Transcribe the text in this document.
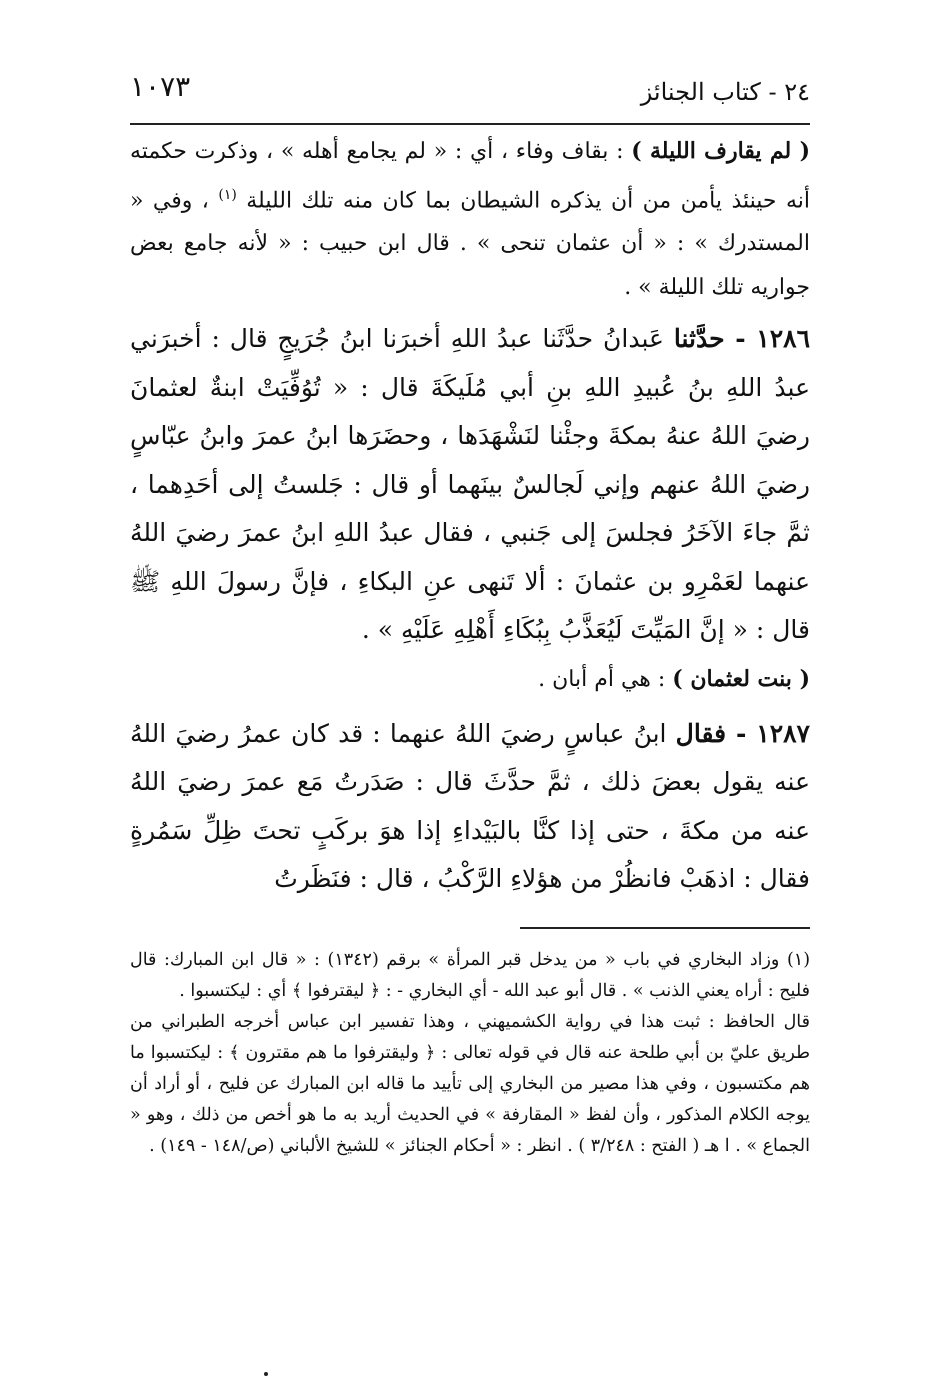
١٠٧٣	٢٤ - كتاب الجنائز

( لم يقارف الليلة ) : بقاف وفاء ، أي : « لم يجامع أهله » ، وذكرت حكمته أنه حينئذ يأمن من أن يذكره الشيطان بما كان منه تلك الليلة $^{(١)}$ ، وفي « المستدرك » : « أن عثمان تنحى » . قال ابن حبيب : « لأنه جامع بعض جواريه تلك الليلة » .

١٢٨٦ - حدَّثنا عَبدانُ حدَّثَنا عبدُ اللهِ أخبرَنا ابنُ جُرَيجٍ قال : أخبرَني عبدُ اللهِ بنُ عُبيدِ اللهِ بنِ أبي مُلَيكَةَ قال : « تُوُفِّيَتْ ابنةٌ لعثمانَ رضيَ اللهُ عنهُ بمكةَ وجئْنا لنَشْهَدَها ، وحضَرَها ابنُ عمرَ وابنُ عبّاسٍ رضيَ اللهُ عنهم وإني لَجالسٌ بينَهما أو قال : جَلستُ إلى أحَدِهما ، ثمَّ جاءَ الآخَرُ فجلسَ إلى جَنبي ، فقال عبدُ اللهِ ابنُ عمرَ رضيَ اللهُ عنهما لعَمْرِو بن عثمانَ : ألا تَنهى عنِ البكاءِ ، فإنَّ رسولَ اللهِ ﷺ قال : « إنَّ المَيِّتَ لَيُعَذَّبُ بِبُكَاءِ أَهْلِهِ عَلَيْهِ » .

( بنت لعثمان ) : هي أم أبان .

١٢٨٧ - فقال ابنُ عباسٍ رضيَ اللهُ عنهما : قد كان عمرُ رضيَ اللهُ عنه يقول بعضَ ذلك ، ثمَّ حدَّثَ قال : صَدَرتُ مَع عمرَ رضيَ اللهُ عنه من مكةَ ، حتى إذا كنَّا بالبَيْداءِ إذا هوَ بركَبٍ تحتَ ظِلِّ سَمُرةٍ فقال : اذهَبْ فانظُرْ من هؤلاءِ الرَّكْبُ ، قال : فنَظَرتُ

(١) وزاد البخاري في باب « من يدخل قبر المرأة » برقم (١٣٤٢) : « قال ابن المبارك: قال فليح : أراه يعني الذنب » . قال أبو عبد الله - أي البخاري - : ﴿ ليقترفوا ﴾ أي : ليكتسبوا .

قال الحافظ : ثبت هذا في رواية الكشميهني ، وهذا تفسير ابن عباس أخرجه الطبراني من طريق عليّ بن أبي طلحة عنه قال في قوله تعالى : ﴿ وليقترفوا ما هم مقترون ﴾ : ليكتسبوا ما هم مكتسبون ، وفي هذا مصير من البخاري إلى تأييد ما قاله ابن المبارك عن فليح ، أو أراد أن يوجه الكلام المذكور ، وأن لفظ « المقارفة » في الحديث أريد به ما هو أخص من ذلك ، وهو « الجماع » . ا هـ ( الفتح : ٣/٢٤٨ ) . انظر : « أحكام الجنائز » للشيخ الألباني (ص/١٤٨ - ١٤٩) .
